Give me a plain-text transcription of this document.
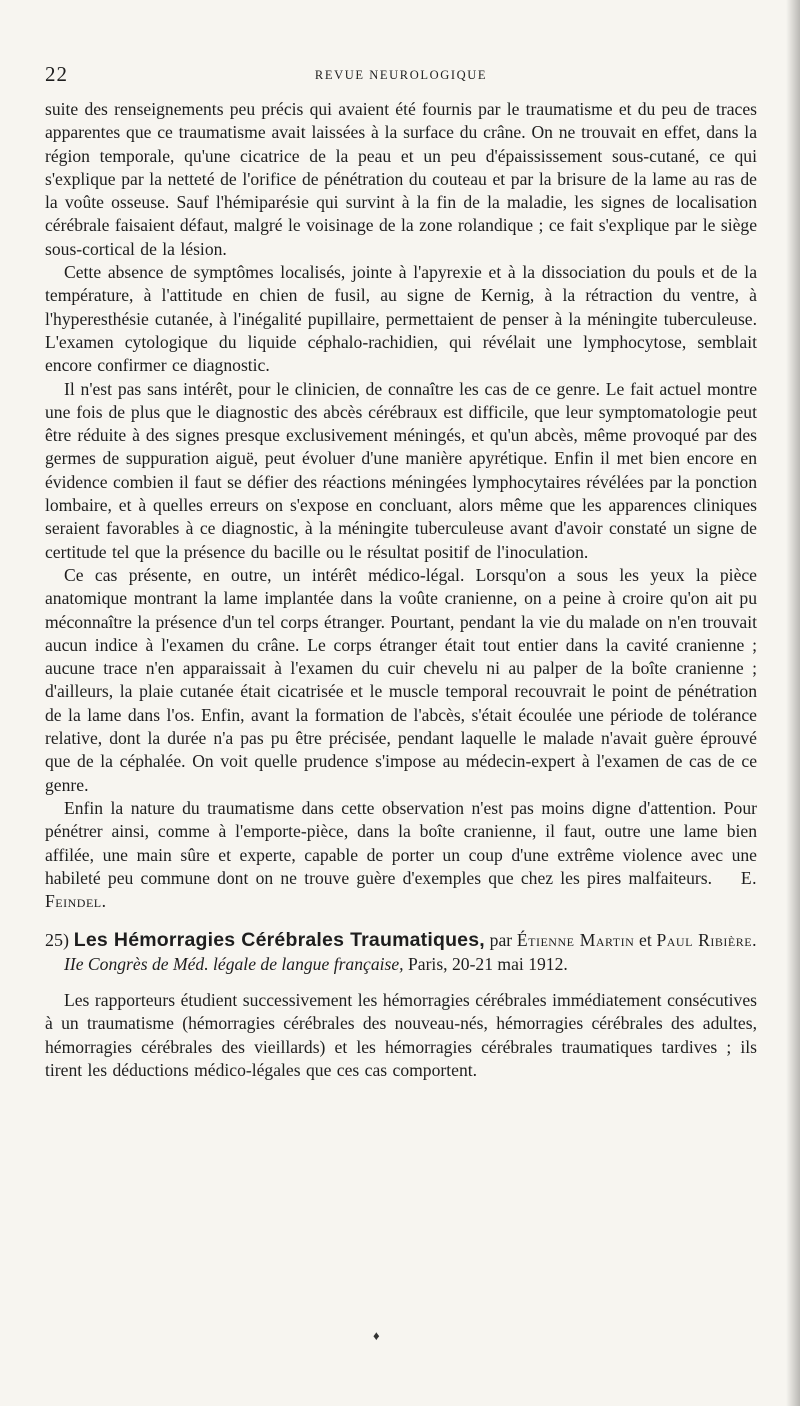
22	REVUE NEUROLOGIQUE

suite des renseignements peu précis qui avaient été fournis par le traumatisme et du peu de traces apparentes que ce traumatisme avait laissées à la surface du crâne. On ne trouvait en effet, dans la région temporale, qu'une cicatrice de la peau et un peu d'épaississement sous-cutané, ce qui s'explique par la netteté de l'orifice de pénétration du couteau et par la brisure de la lame au ras de la voûte osseuse. Sauf l'hémiparésie qui survint à la fin de la maladie, les signes de localisation cérébrale faisaient défaut, malgré le voisinage de la zone rolandique ; ce fait s'explique par le siège sous-cortical de la lésion.

Cette absence de symptômes localisés, jointe à l'apyrexie et à la dissociation du pouls et de la température, à l'attitude en chien de fusil, au signe de Kernig, à la rétraction du ventre, à l'hyperesthésie cutanée, à l'inégalité pupillaire, permettaient de penser à la méningite tuberculeuse. L'examen cytologique du liquide céphalo-rachidien, qui révélait une lymphocytose, semblait encore confirmer ce diagnostic.

Il n'est pas sans intérêt, pour le clinicien, de connaître les cas de ce genre. Le fait actuel montre une fois de plus que le diagnostic des abcès cérébraux est difficile, que leur symptomatologie peut être réduite à des signes presque exclusivement méningés, et qu'un abcès, même provoqué par des germes de suppuration aiguë, peut évoluer d'une manière apyrétique. Enfin il met bien encore en évidence combien il faut se défier des réactions méningées lymphocytaires révélées par la ponction lombaire, et à quelles erreurs on s'expose en concluant, alors même que les apparences cliniques seraient favorables à ce diagnostic, à la méningite tuberculeuse avant d'avoir constaté un signe de certitude tel que la présence du bacille ou le résultat positif de l'inoculation.

Ce cas présente, en outre, un intérêt médico-légal. Lorsqu'on a sous les yeux la pièce anatomique montrant la lame implantée dans la voûte cranienne, on a peine à croire qu'on ait pu méconnaître la présence d'un tel corps étranger. Pourtant, pendant la vie du malade on n'en trouvait aucun indice à l'examen du crâne. Le corps étranger était tout entier dans la cavité cranienne ; aucune trace n'en apparaissait à l'examen du cuir chevelu ni au palper de la boîte cranienne ; d'ailleurs, la plaie cutanée était cicatrisée et le muscle temporal recouvrait le point de pénétration de la lame dans l'os. Enfin, avant la formation de l'abcès, s'était écoulée une période de tolérance relative, dont la durée n'a pas pu être précisée, pendant laquelle le malade n'avait guère éprouvé que de la céphalée. On voit quelle prudence s'impose au médecin-expert à l'examen de cas de ce genre.

Enfin la nature du traumatisme dans cette observation n'est pas moins digne d'attention. Pour pénétrer ainsi, comme à l'emporte-pièce, dans la boîte cranienne, il faut, outre une lame bien affilée, une main sûre et experte, capable de porter un coup d'une extrême violence avec une habileté peu commune dont on ne trouve guère d'exemples que chez les pires malfaiteurs. E. Feindel.

25) Les Hémorragies Cérébrales Traumatiques, par Étienne Martin et Paul Ribière. IIe Congrès de Méd. légale de langue française, Paris, 20-21 mai 1912.

Les rapporteurs étudient successivement les hémorragies cérébrales immédiatement consécutives à un traumatisme (hémorragies cérébrales des nouveau-nés, hémorragies cérébrales des adultes, hémorragies cérébrales des vieillards) et les hémorragies cérébrales traumatiques tardives ; ils tirent les déductions médico-légales que ces cas comportent.

♦
